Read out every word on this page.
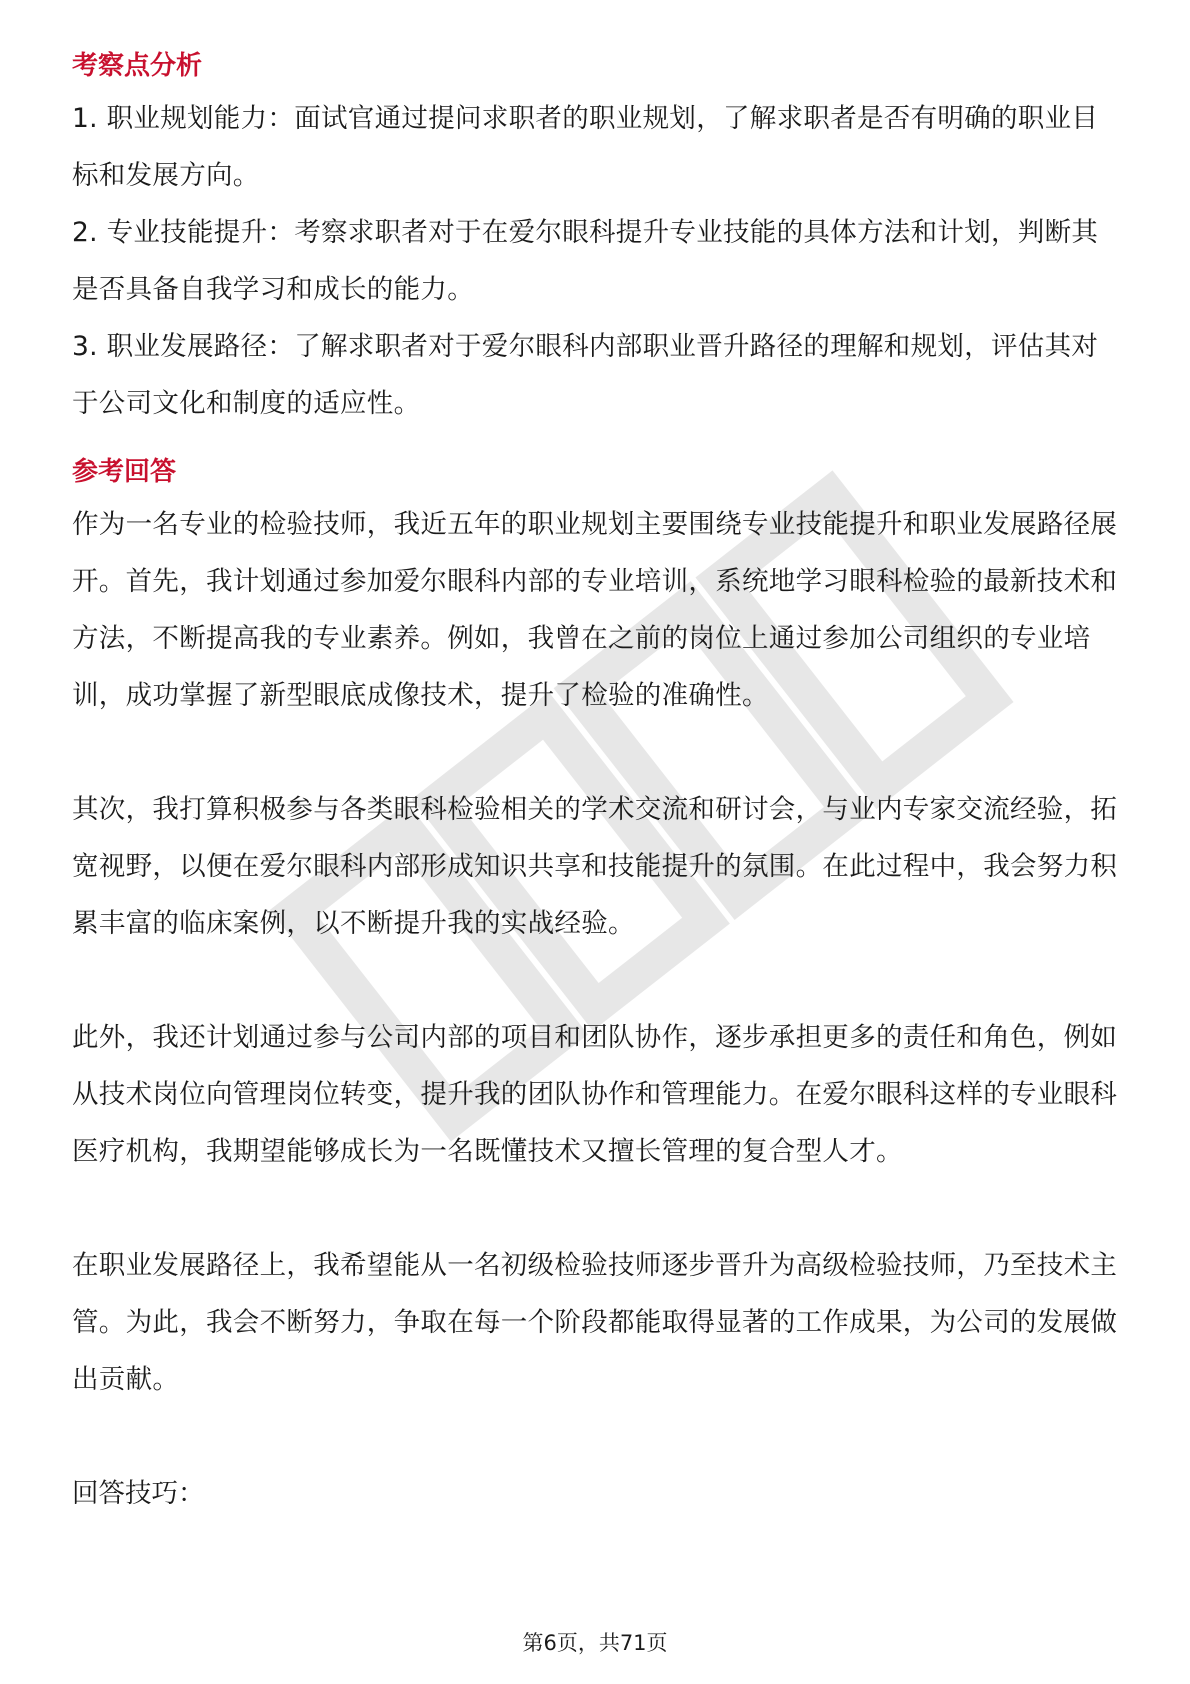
考察点分析

1. 职业规划能力：面试官通过提问求职者的职业规划，了解求职者是否有明确的职业目标和发展方向。

2. 专业技能提升：考察求职者对于在爱尔眼科提升专业技能的具体方法和计划，判断其是否具备自我学习和成长的能力。

3. 职业发展路径：了解求职者对于爱尔眼科内部职业晋升路径的理解和规划，评估其对于公司文化和制度的适应性。

参考回答

作为一名专业的检验技师，我近五年的职业规划主要围绕专业技能提升和职业发展路径展开。首先，我计划通过参加爱尔眼科内部的专业培训，系统地学习眼科检验的最新技术和方法，不断提高我的专业素养。例如，我曾在之前的岗位上通过参加公司组织的专业培训，成功掌握了新型眼底成像技术，提升了检验的准确性。

其次，我打算积极参与各类眼科检验相关的学术交流和研讨会，与业内专家交流经验，拓宽视野，以便在爱尔眼科内部形成知识共享和技能提升的氛围。在此过程中，我会努力积累丰富的临床案例，以不断提升我的实战经验。

此外，我还计划通过参与公司内部的项目和团队协作，逐步承担更多的责任和角色，例如从技术岗位向管理岗位转变，提升我的团队协作和管理能力。在爱尔眼科这样的专业眼科医疗机构，我期望能够成长为一名既懂技术又擅长管理的复合型人才。

在职业发展路径上，我希望能从一名初级检验技师逐步晋升为高级检验技师，乃至技术主管。为此，我会不断努力，争取在每一个阶段都能取得显著的工作成果，为公司的发展做出贡献。

回答技巧：

第6页，共71页
